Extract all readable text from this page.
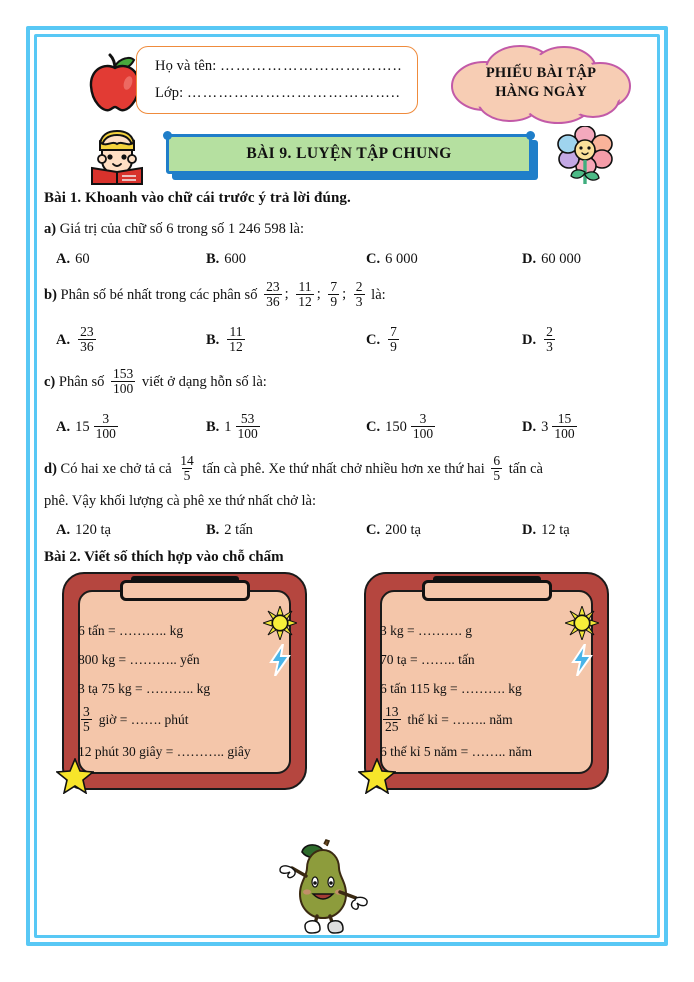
Họ và tên: ……………………………..
Lớp: …………………………………..
PHIẾU BÀI TẬP
HÀNG NGÀY
BÀI 9. LUYỆN TẬP CHUNG
Bài 1. Khoanh vào chữ cái trước ý trả lời đúng.
a) Giá trị của chữ số 6 trong số 1 246 598 là:
A. 60	B. 600	C. 6 000	D. 60 000
b) Phân số bé nhất trong các phân số $\frac{23}{36}$ ; $\frac{11}{12}$ ; $\frac{7}{9}$ ; $\frac{2}{3}$ là:
A. $\frac{23}{36}$	B. $\frac{11}{12}$	C. $\frac{7}{9}$	D. $\frac{2}{3}$
c) Phân số $\frac{153}{100}$ viết ở dạng hỗn số là:
A. $15 \frac{3}{100}$	B. $1 \frac{53}{100}$	C. $150 \frac{3}{100}$	D. $3 \frac{15}{100}$
d) Có hai xe chở tả cả $\frac{14}{5}$ tấn cà phê. Xe thứ nhất chở nhiều hơn xe thứ hai $\frac{6}{5}$ tấn cà
phê. Vậy khối lượng cà phê xe thứ nhất chở là:
A. 120 tạ	B. 2 tấn	C. 200 tạ	D. 12 tạ
Bài 2. Viết số thích hợp vào chỗ chấm
6 tấn = ……….. kg
800 kg = ……….. yến
3 tạ 75 kg = ……….. kg
$\frac{3}{5}$ giờ = ……. phút
12 phút 30 giây = ……….. giây
3 kg = ………. g
70 tạ = …….. tấn
6 tấn 115 kg = ………. kg
$\frac{13}{25}$ thế kỉ = …….. năm
6 thế kỉ 5 năm = …….. năm
